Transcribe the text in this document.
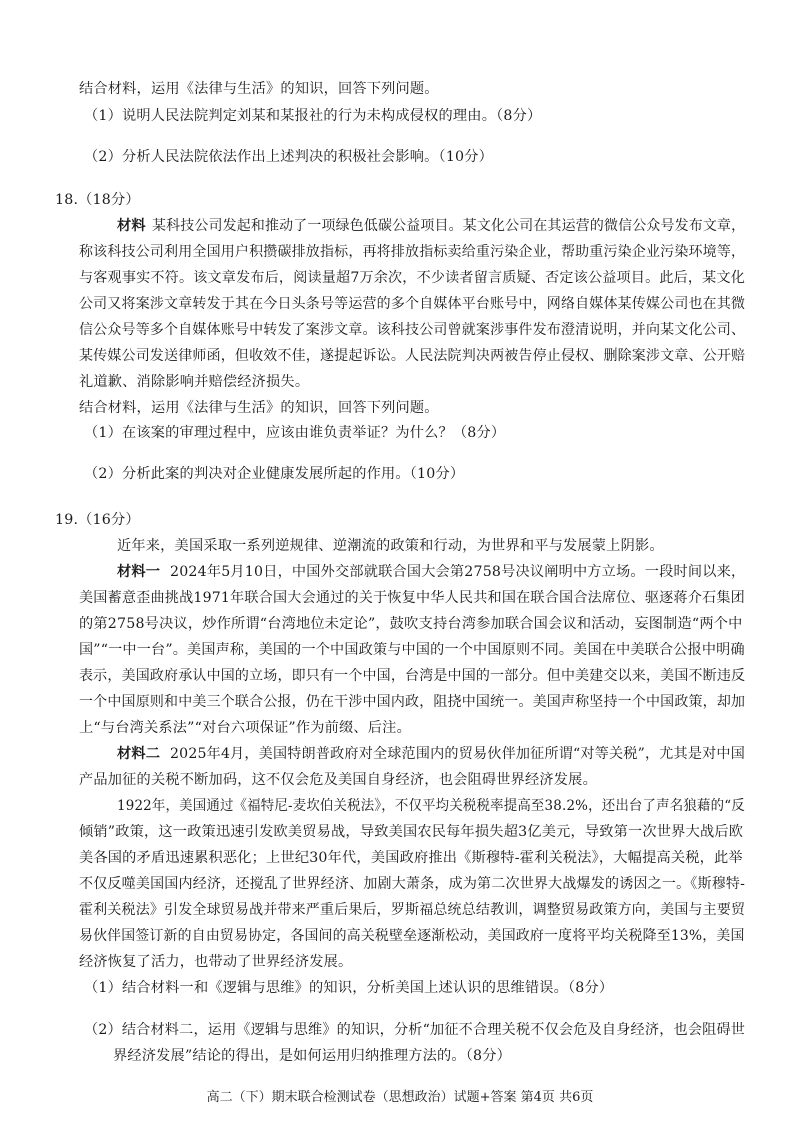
结合材料，运用《法律与生活》的知识，回答下列问题。
（1）说明人民法院判定刘某和某报社的行为未构成侵权的理由。（8分）
（2）分析人民法院依法作出上述判决的积极社会影响。（10分）
18.（18分）
材料 某科技公司发起和推动了一项绿色低碳公益项目。某文化公司在其运营的微信公众号发布文章，
称该科技公司利用全国用户积攒碳排放指标，再将排放指标卖给重污染企业，帮助重污染企业污染环境等，
与客观事实不符。该文章发布后，阅读量超7万余次，不少读者留言质疑、否定该公益项目。此后，某文化
公司又将案涉文章转发于其在今日头条号等运营的多个自媒体平台账号中，网络自媒体某传媒公司也在其微
信公众号等多个自媒体账号中转发了案涉文章。该科技公司曾就案涉事件发布澄清说明，并向某文化公司、
某传媒公司发送律师函，但收效不佳，遂提起诉讼。人民法院判决两被告停止侵权、删除案涉文章、公开赔
礼道歉、消除影响并赔偿经济损失。
结合材料，运用《法律与生活》的知识，回答下列问题。
（1）在该案的审理过程中，应该由谁负责举证？为什么？（8分）
（2）分析此案的判决对企业健康发展所起的作用。（10分）
19.（16分）
近年来，美国采取一系列逆规律、逆潮流的政策和行动，为世界和平与发展蒙上阴影。
材料一 2024年5月10日，中国外交部就联合国大会第2758号决议阐明中方立场。一段时间以来，
美国蓄意歪曲挑战1971年联合国大会通过的关于恢复中华人民共和国在联合国合法席位、驱逐蒋介石集团
的第2758号决议，炒作所谓“台湾地位未定论”，鼓吹支持台湾参加联合国会议和活动，妄图制造“两个中
国”“一中一台”。美国声称，美国的一个中国政策与中国的一个中国原则不同。美国在中美联合公报中明确
表示，美国政府承认中国的立场，即只有一个中国，台湾是中国的一部分。但中美建交以来，美国不断违反
一个中国原则和中美三个联合公报，仍在干涉中国内政，阻挠中国统一。美国声称坚持一个中国政策，却加
上“与台湾关系法”“对台六项保证”作为前缀、后注。
材料二 2025年4月，美国特朗普政府对全球范围内的贸易伙伴加征所谓“对等关税”，尤其是对中国
产品加征的关税不断加码，这不仅会危及美国自身经济，也会阻碍世界经济发展。
1922年，美国通过《福特尼-麦坎伯关税法》，不仅平均关税税率提高至38.2%，还出台了声名狼藉的“反
倾销”政策，这一政策迅速引发欧美贸易战，导致美国农民每年损失超3亿美元，导致第一次世界大战后欧
美各国的矛盾迅速累积恶化；上世纪30年代，美国政府推出《斯穆特-霍利关税法》，大幅提高关税，此举
不仅反噬美国国内经济，还搅乱了世界经济、加剧大萧条，成为第二次世界大战爆发的诱因之一。《斯穆特-
霍利关税法》引发全球贸易战并带来严重后果后，罗斯福总统总结教训，调整贸易政策方向，美国与主要贸
易伙伴国签订新的自由贸易协定，各国间的高关税壁垒逐渐松动，美国政府一度将平均关税降至13%，美国
经济恢复了活力，也带动了世界经济发展。
（1）结合材料一和《逻辑与思维》的知识，分析美国上述认识的思维错误。（8分）
（2）结合材料二，运用《逻辑与思维》的知识，分析“加征不合理关税不仅会危及自身经济，也会阻碍世
界经济发展”结论的得出，是如何运用归纳推理方法的。（8分）
高二（下）期末联合检测试卷（思想政治）试题+答案 第4页 共6页
